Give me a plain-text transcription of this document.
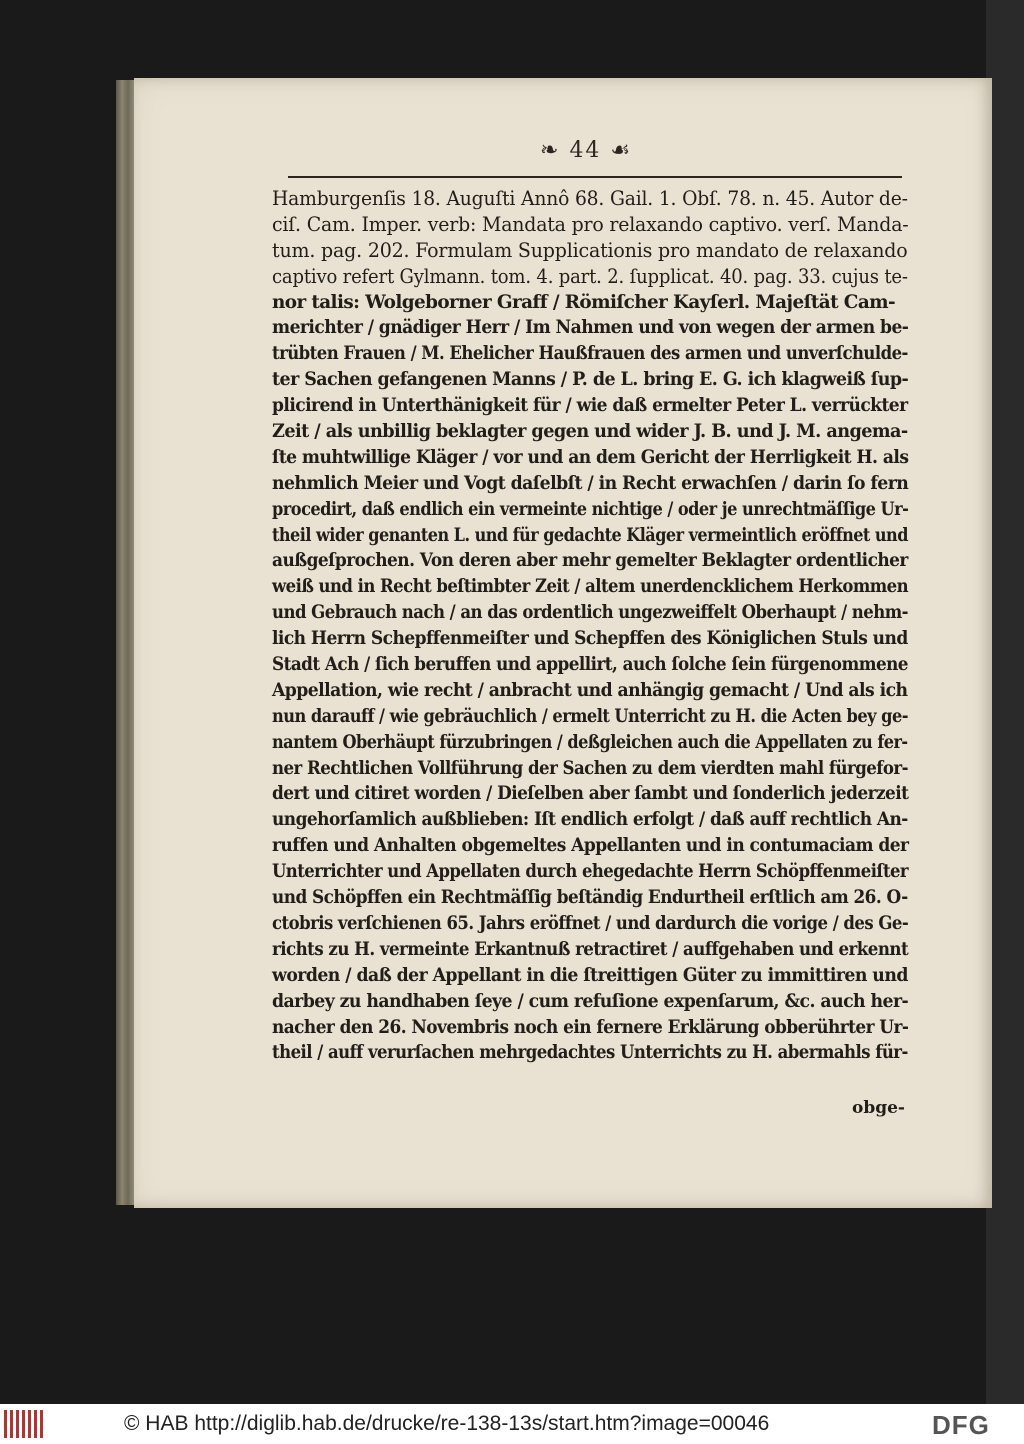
❧ 44 ☙
Hamburgenſis 18. Auguſti Annô 68. Gail. 1. Obſ. 78. n. 45. Autor de-
ciſ. Cam. Imper. verb: Mandata pro relaxando captivo. verſ. Manda-
tum. pag. 202. Formulam Supplicationis pro mandato de relaxando
captivo refert Gylmann. tom. 4. part. 2. ſupplicat. 40. pag. 33. cujus te-
nor talis: Wolgeborner Graff / Römiſcher Kayſerl. Majeſtät Cam-
merichter / gnädiger Herr / Im Nahmen und von wegen der armen be-
trübten Frauen / M. Ehelicher Haußfrauen des armen und unverſchulde-
ter Sachen gefangenen Manns / P. de L. bring E. G. ich klagweiß ſup-
plicirend in Unterthänigkeit für / wie daß ermelter Peter L. verrückter
Zeit / als unbillig beklagter gegen und wider J. B. und J. M. angema-
ſte muhtwillige Kläger / vor und an dem Gericht der Herrligkeit H. als
nehmlich Meier und Vogt daſelbſt / in Recht erwachſen / darin ſo fern
procedirt, daß endlich ein vermeinte nichtige / oder je unrechtmäſſige Ur-
theil wider genanten L. und für gedachte Kläger vermeintlich eröffnet und
außgeſprochen. Von deren aber mehr gemelter Beklagter ordentlicher
weiß und in Recht beſtimbter Zeit / altem unerdencklichem Herkommen
und Gebrauch nach / an das ordentlich ungezweiffelt Oberhaupt / nehm-
lich Herrn Schepffenmeiſter und Schepffen des Königlichen Stuls und
Stadt Ach / ſich beruffen und appellirt, auch ſolche ſein fürgenommene
Appellation, wie recht / anbracht und anhängig gemacht / Und als ich
nun darauff / wie gebräuchlich / ermelt Unterricht zu H. die Acten bey ge-
nantem Oberhäupt fürzubringen / deßgleichen auch die Appellaten zu fer-
ner Rechtlichen Vollführung der Sachen zu dem vierdten mahl fürgefor-
dert und citiret worden / Dieſelben aber ſambt und ſonderlich jederzeit
ungehorſamlich außblieben: Iſt endlich erfolgt / daß auff rechtlich An-
ruffen und Anhalten obgemeltes Appellanten und in contumaciam der
Unterrichter und Appellaten durch ehegedachte Herrn Schöpffenmeiſter
und Schöpffen ein Rechtmäſſig beſtändig Endurtheil erſtlich am 26. O-
ctobris verſchienen 65. Jahrs eröffnet / und dardurch die vorige / des Ge-
richts zu H. vermeinte Erkantnuß retractiret / auffgehaben und erkennt
worden / daß der Appellant in die ſtreittigen Güter zu immittiren und
darbey zu handhaben ſeye / cum refuſione expenſarum, &c. auch her-
nacher den 26. Novembris noch ein fernere Erklärung obberührter Ur-
theil / auff verurſachen mehrgedachtes Unterrichts zu H. abermahls für-
obge-
© HAB http://diglib.hab.de/drucke/re-138-13s/start.htm?image=00046	DFG
